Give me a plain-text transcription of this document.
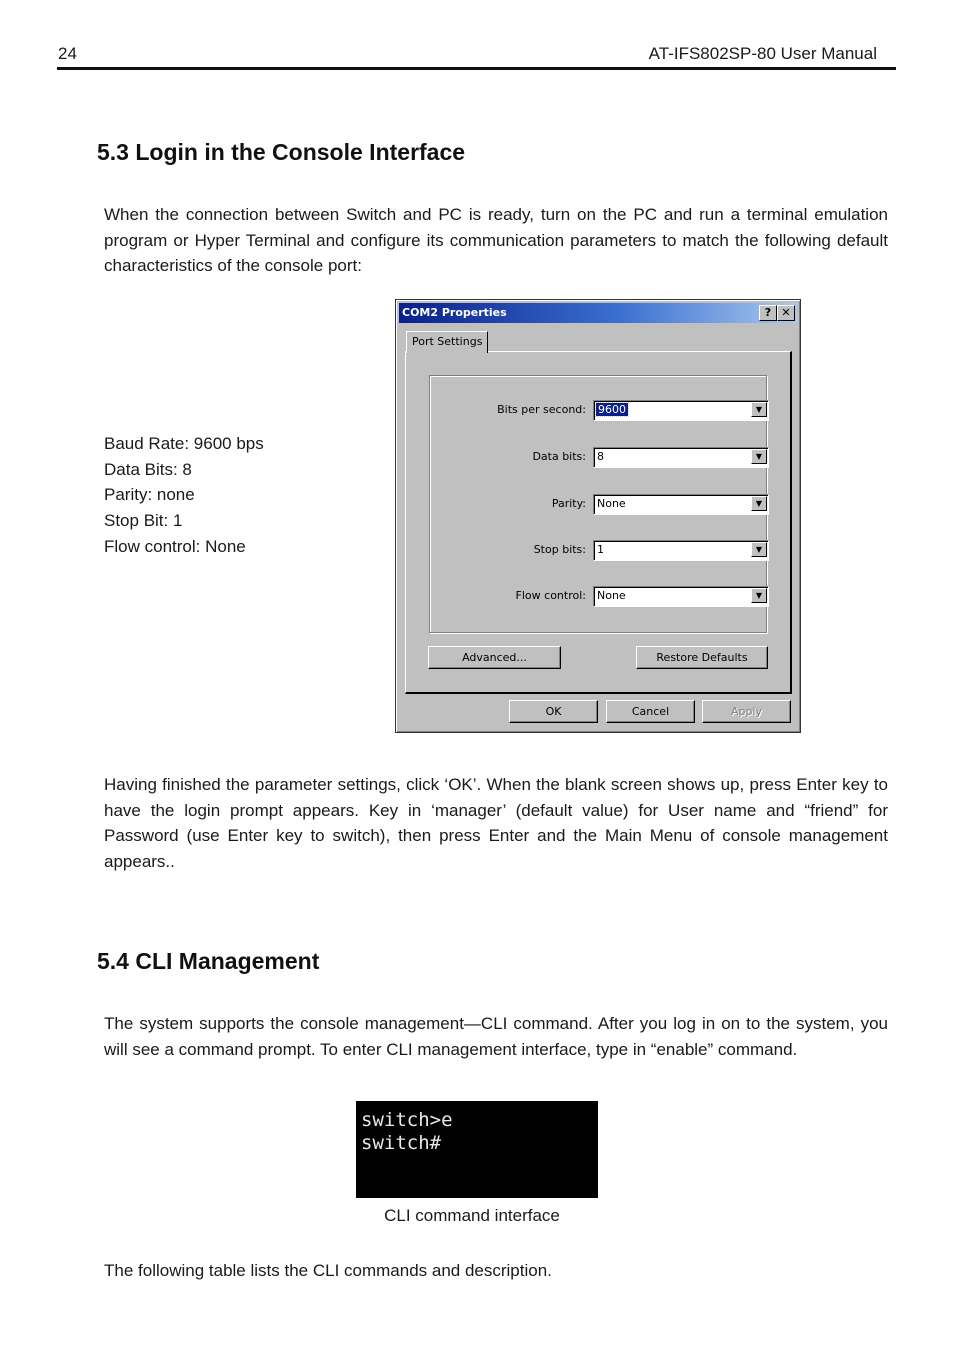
24	AT-IFS802SP-80 User Manual
5.3 Login in the Console Interface
When the connection between Switch and PC is ready, turn on the PC and run a terminal emulation program or Hyper Terminal and configure its communication parameters to match the following default characteristics of the console port:
Baud Rate: 9600 bps
Data Bits: 8
Parity: none
Stop Bit: 1
Flow control: None
COM2 Properties	? ✕
Port Settings
Bits per second: 9600	▼
Data bits: 8	▼
Parity: None	▼
Stop bits: 1	▼
Flow control: None	▼
Advanced...	Restore Defaults
OK	Cancel	Apply
Having finished the parameter settings, click ‘OK’. When the blank screen shows up, press Enter key to have the login prompt appears. Key in ‘manager’ (default value) for User name and “friend” for Password (use Enter key to switch), then press Enter and the Main Menu of console management appears..
5.4 CLI Management
The system supports the console management—CLI command. After you log in on to the system, you will see a command prompt. To enter CLI management interface, type in “enable” command.
switch>e
switch#
CLI command interface
The following table lists the CLI commands and description.
